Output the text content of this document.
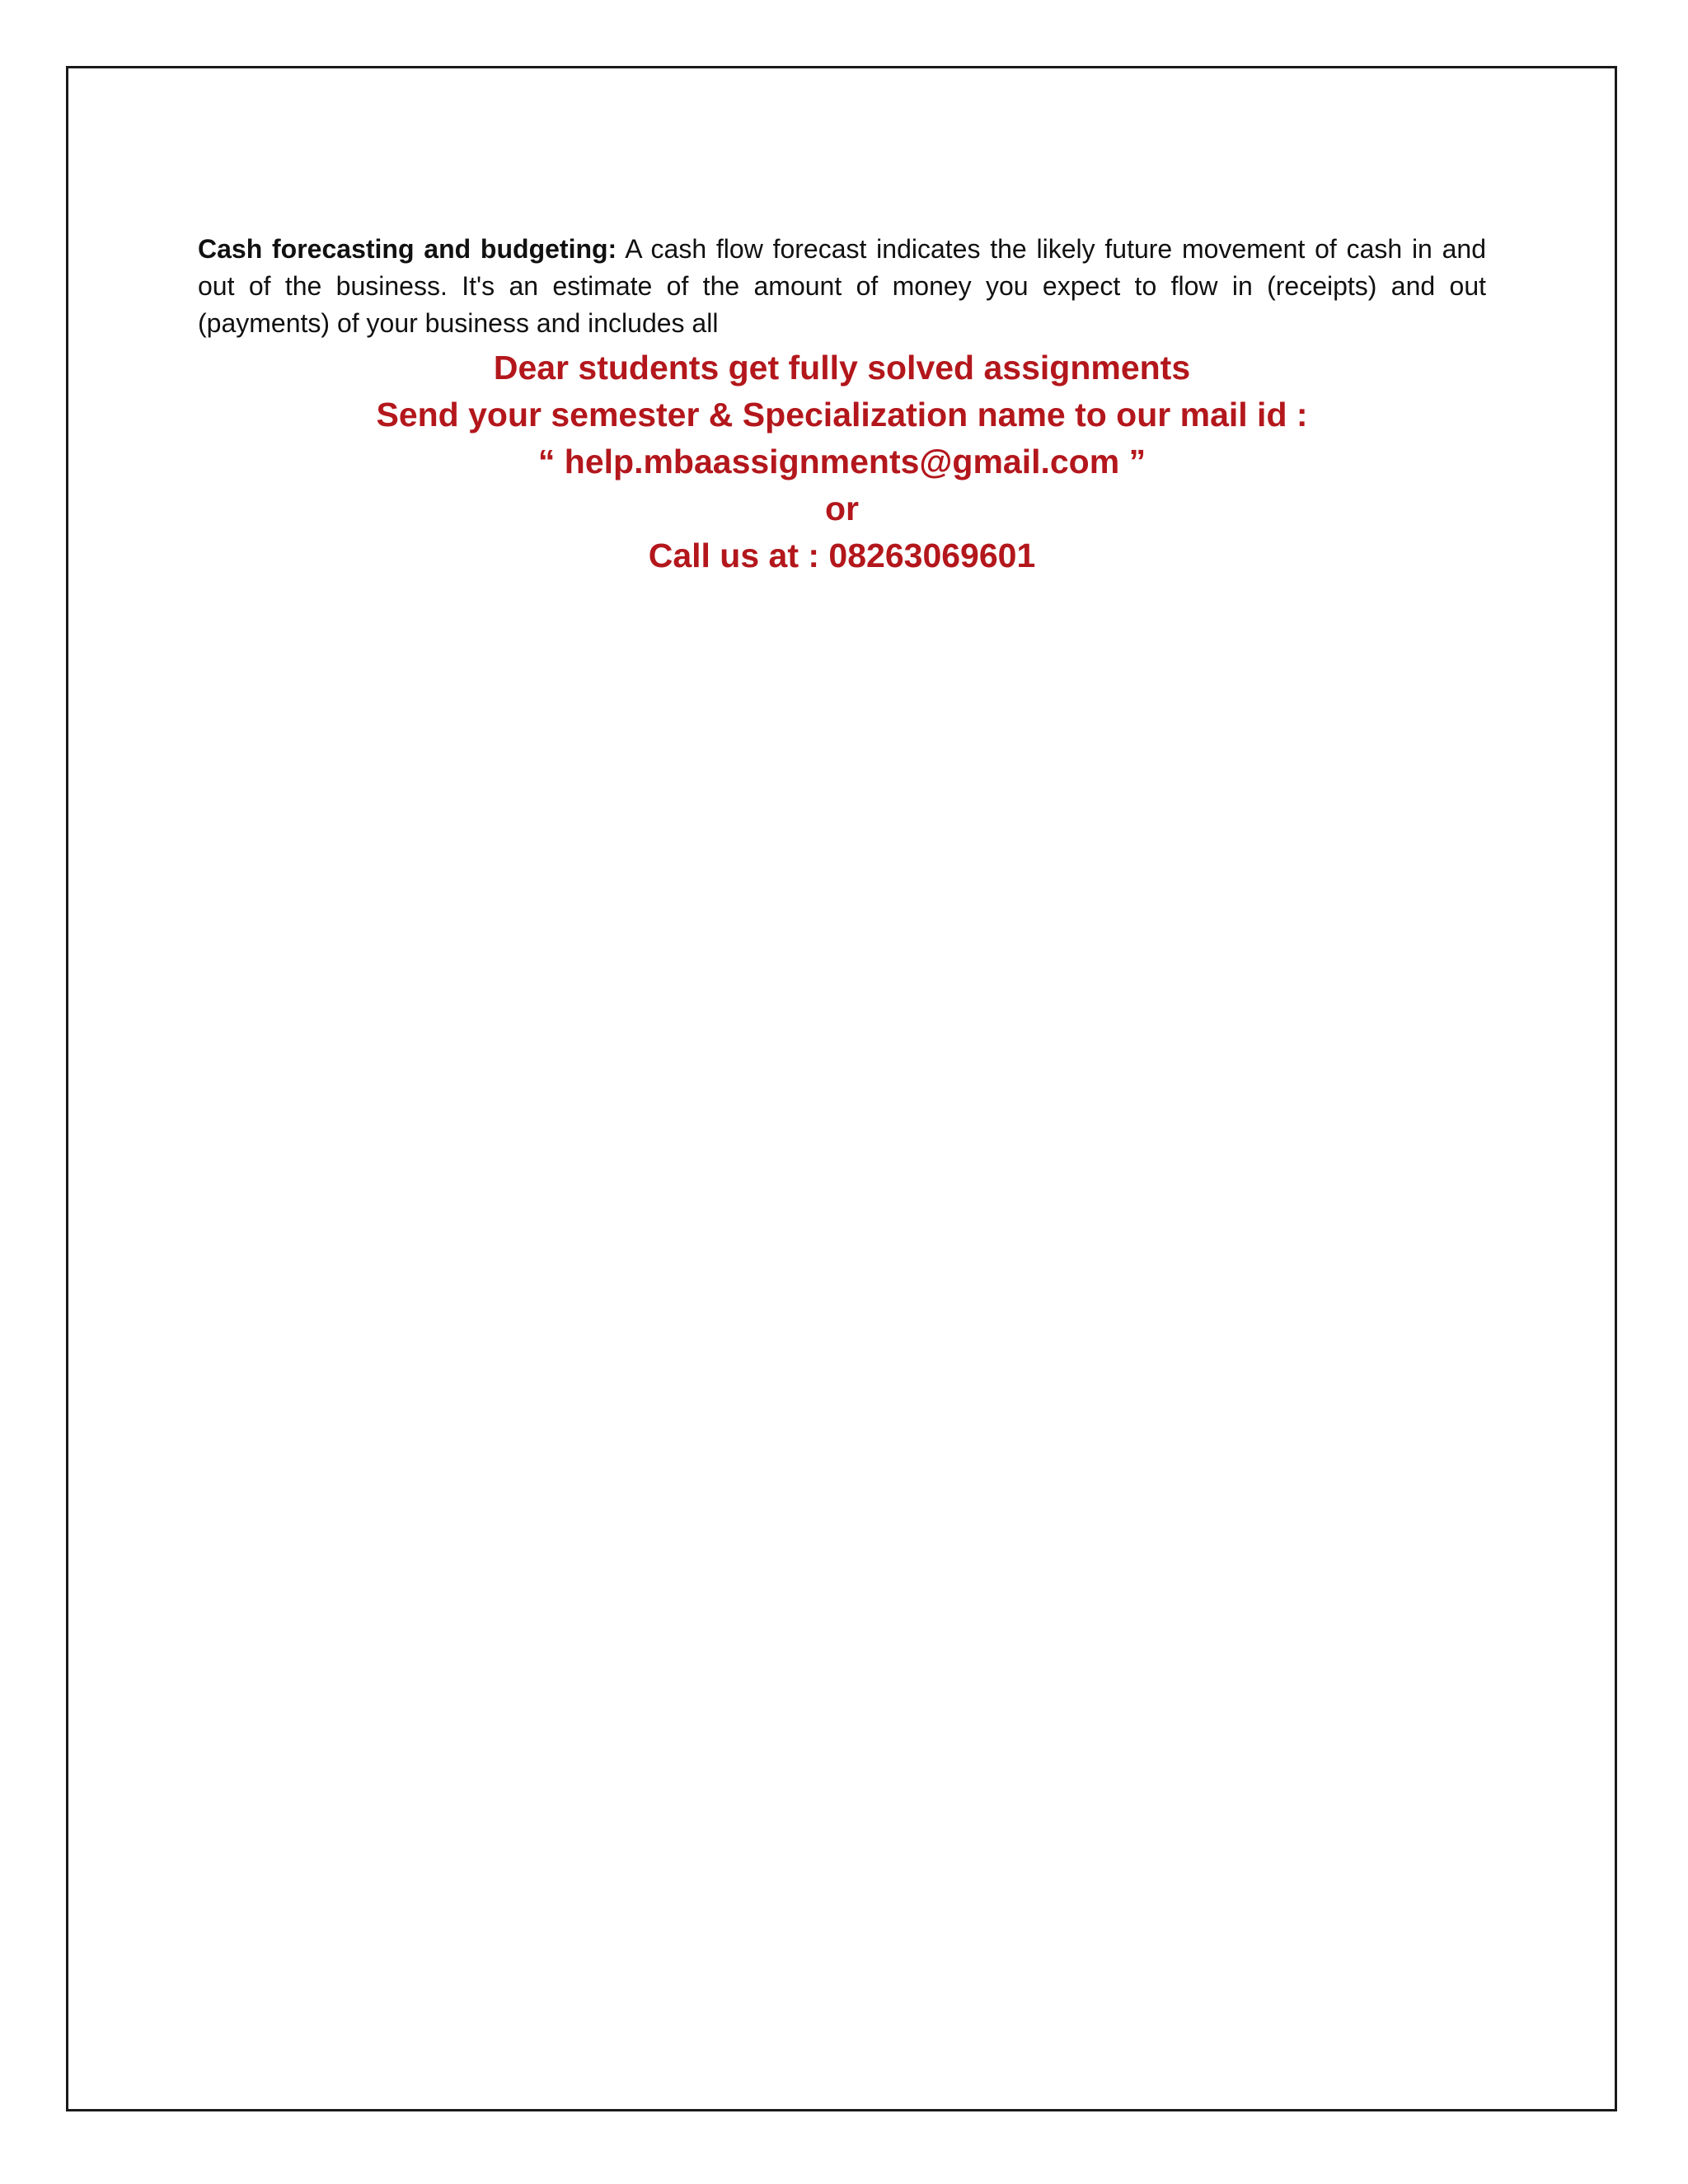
Cash forecasting and budgeting: A cash flow forecast indicates the likely future movement of cash in and out of the business. It's an estimate of the amount of money you expect to flow in (receipts) and out (payments) of your business and includes all

Dear students get fully solved assignments
Send your semester & Specialization name to our mail id :
“ help.mbaassignments@gmail.com ”
or
Call us at : 08263069601
